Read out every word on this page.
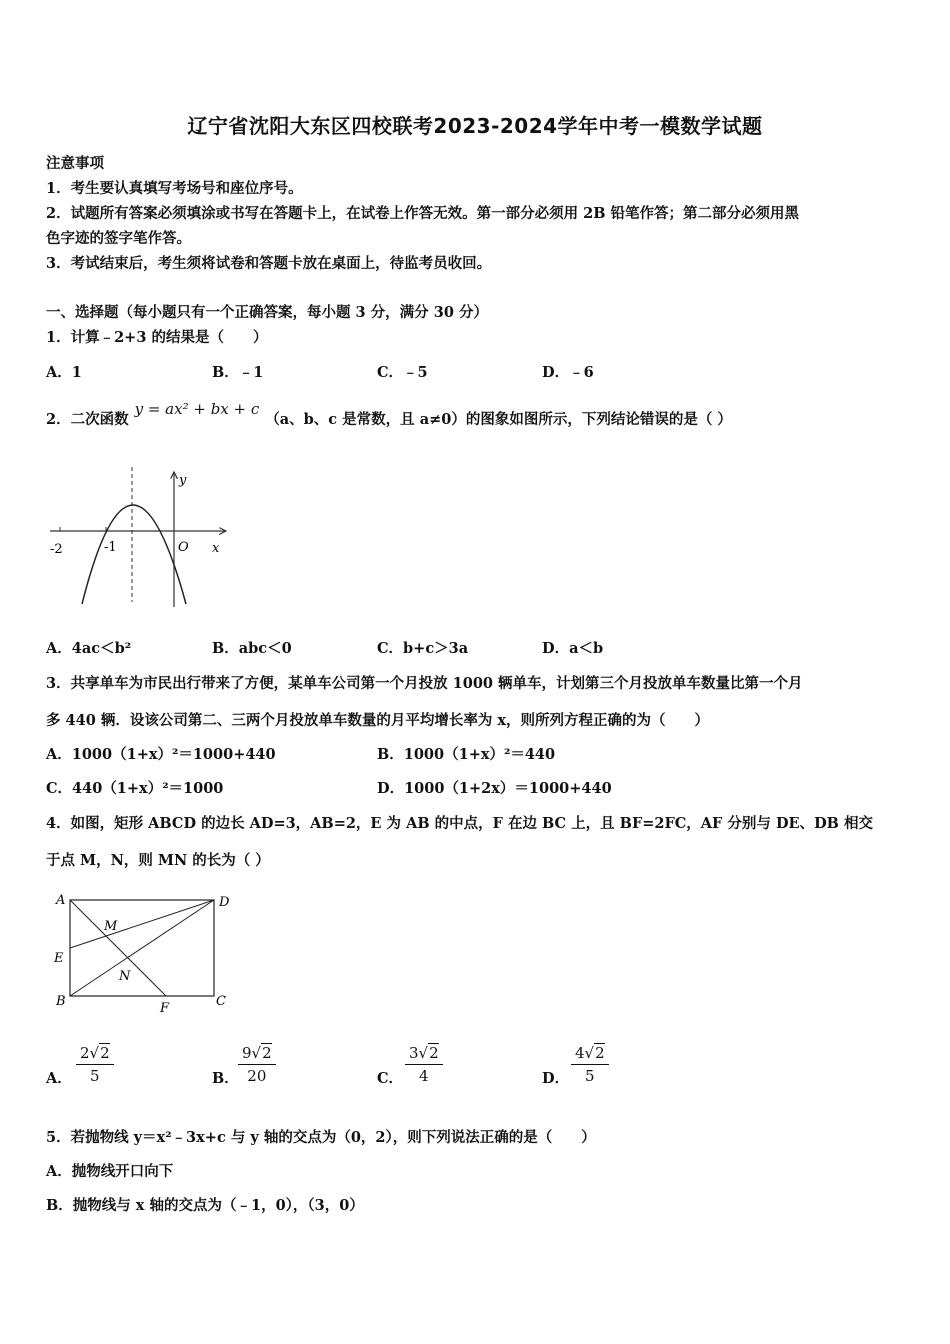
辽宁省沈阳大东区四校联考2023-2024学年中考一模数学试题
注意事项
1．考生要认真填写考场号和座位序号。
2．试题所有答案必须填涂或书写在答题卡上，在试卷上作答无效。第一部分必须用 2B 铅笔作答；第二部分必须用黑
色字迹的签字笔作答。
3．考试结束后，考生须将试卷和答题卡放在桌面上，待监考员收回。
一、选择题（每小题只有一个正确答案，每小题 3 分，满分 30 分）
1．计算﹣2+3 的结果是（　　）
A．1	B．﹣1	C．﹣5	D．﹣6
2．二次函数y = ax² + bx + c（a、b、c 是常数，且 a≠0）的图象如图所示，下列结论错误的是（ ）
y
x
O
-2	-1
A．4ac＜b²	B．abc＜0	C．b+c＞3a	D．a＜b
3．共享单车为市民出行带来了方便，某单车公司第一个月投放 1000 辆单车，计划第三个月投放单车数量比第一个月
多 440 辆．设该公司第二、三两个月投放单车数量的月平均增长率为 x，则所列方程正确的为（　　）
A．1000（1+x）²＝1000+440	B．1000（1+x）²＝440
C．440（1+x）²＝1000	D．1000（1+2x）＝1000+440
4．如图，矩形 ABCD 的边长 AD=3，AB=2，E 为 AB 的中点，F 在边 BC 上，且 BF=2FC，AF 分别与 DE、DB 相交
于点 M，N，则 MN 的长为（ ）
A	D
E
B	F	C
M
N
A． $\frac{2√2}{5}$	B． $\frac{9√2}{20}$	C． $\frac{3√2}{4}$	D． $\frac{4√2}{5}$
5．若抛物线 y＝x²﹣3x+c 与 y 轴的交点为（0，2），则下列说法正确的是（　　）
A．抛物线开口向下
B．抛物线与 x 轴的交点为（﹣1，0），（3，0）
